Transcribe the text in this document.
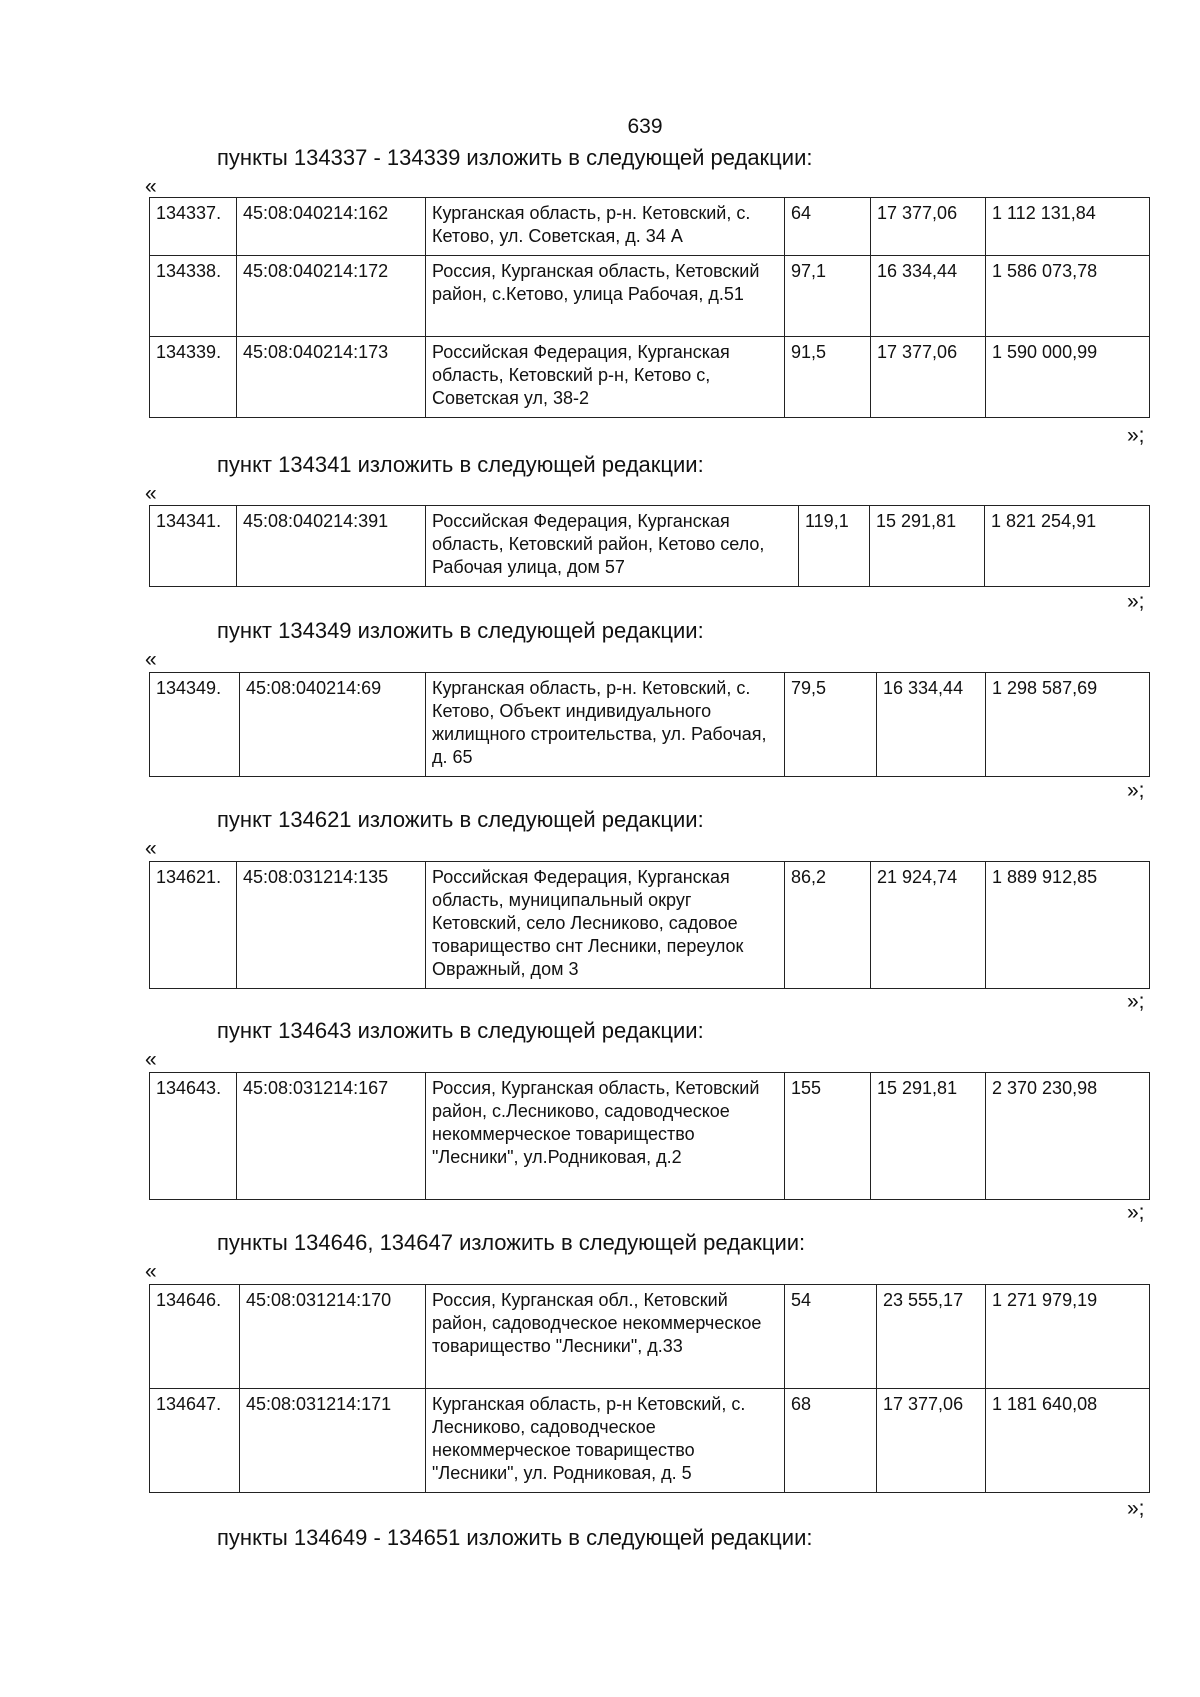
639
пункты 134337 - 134339 изложить в следующей редакции:
«
134337.	45:08:040214:162	Курганская область, р-н. Кетовский, с. Кетово, ул. Советская, д. 34 А	64	17 377,06	1 112 131,84
134338.	45:08:040214:172	Россия, Курганская область, Кетовский район, с.Кетово, улица Рабочая, д.51	97,1	16 334,44	1 586 073,78
134339.	45:08:040214:173	Российская Федерация, Курганская область, Кетовский р-н, Кетово с, Советская ул, 38-2	91,5	17 377,06	1 590 000,99
»;
пункт 134341 изложить в следующей редакции:
«
134341.	45:08:040214:391	Российская Федерация, Курганская область, Кетовский район, Кетово село, Рабочая улица, дом 57	119,1	15 291,81	1 821 254,91
»;
пункт 134349 изложить в следующей редакции:
«
134349.	45:08:040214:69	Курганская область, р-н. Кетовский, с. Кетово, Объект индивидуального жилищного строительства, ул. Рабочая, д. 65	79,5	16 334,44	1 298 587,69
»;
пункт 134621 изложить в следующей редакции:
«
134621.	45:08:031214:135	Российская Федерация, Курганская область, муниципальный округ Кетовский, село Лесниково, садовое товарищество снт Лесники, переулок Овражный, дом 3	86,2	21 924,74	1 889 912,85
»;
пункт 134643 изложить в следующей редакции:
«
134643.	45:08:031214:167	Россия, Курганская область, Кетовский район, с.Лесниково, садоводческое некоммерческое товарищество "Лесники", ул.Родниковая, д.2	155	15 291,81	2 370 230,98
»;
пункты 134646, 134647 изложить в следующей редакции:
«
134646.	45:08:031214:170	Россия, Курганская обл., Кетовский район, садоводческое некоммерческое товарищество "Лесники", д.33	54	23 555,17	1 271 979,19
134647.	45:08:031214:171	Курганская область, р-н Кетовский, с. Лесниково, садоводческое некоммерческое товарищество "Лесники", ул. Родниковая, д. 5	68	17 377,06	1 181 640,08
»;
пункты 134649 - 134651 изложить в следующей редакции:
